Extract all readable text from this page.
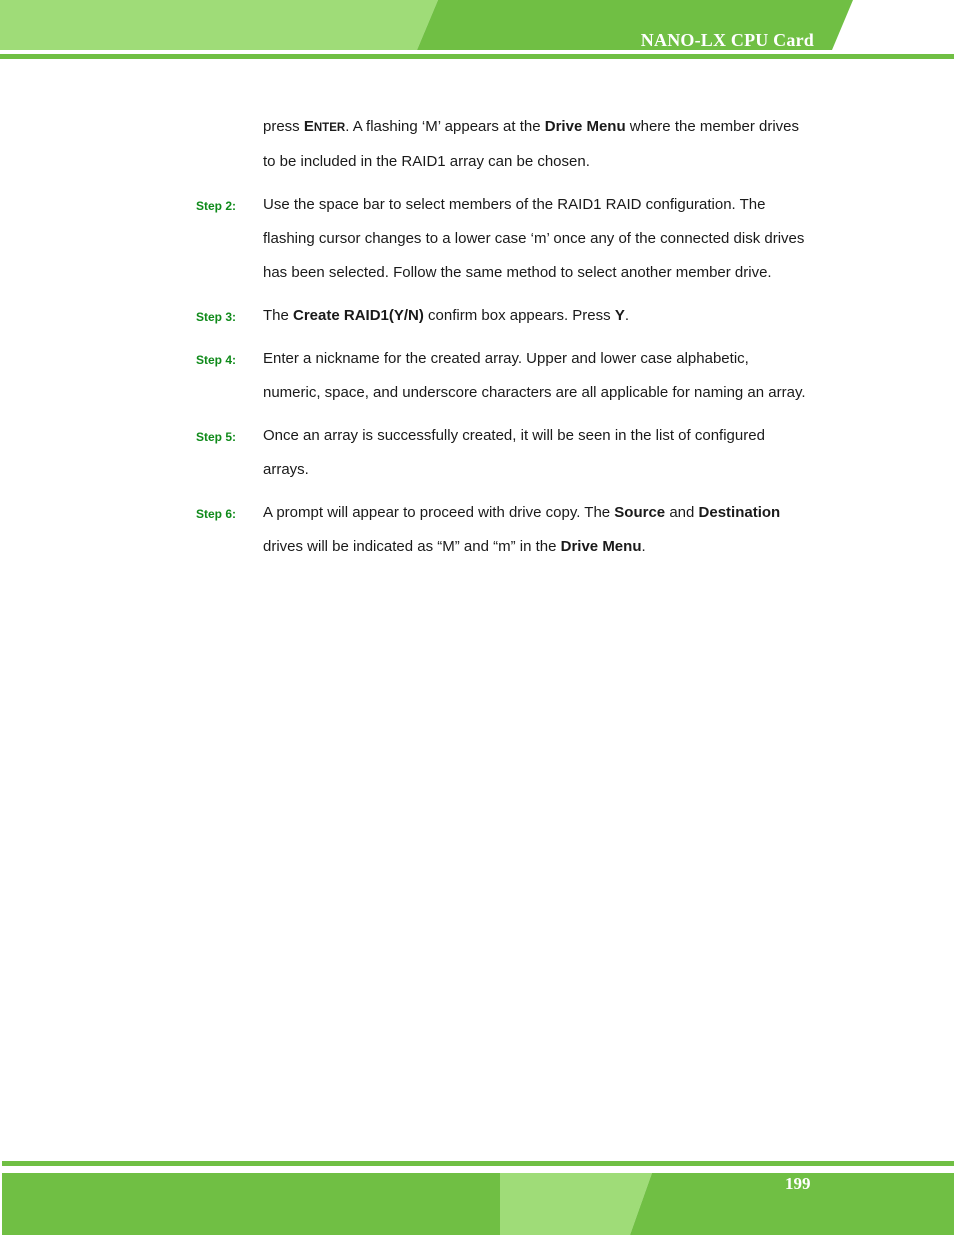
NANO-LX CPU Card
press ENTER. A flashing ‘M’ appears at the Drive Menu where the member drives to be included in the RAID1 array can be chosen.
Step 2: Use the space bar to select members of the RAID1 RAID configuration. The flashing cursor changes to a lower case ‘m’ once any of the connected disk drives has been selected. Follow the same method to select another member drive.
Step 3: The Create RAID1(Y/N) confirm box appears. Press Y.
Step 4: Enter a nickname for the created array. Upper and lower case alphabetic, numeric, space, and underscore characters are all applicable for naming an array.
Step 5: Once an array is successfully created, it will be seen in the list of configured arrays.
Step 6: A prompt will appear to proceed with drive copy. The Source and Destination drives will be indicated as “M” and “m” in the Drive Menu.
199
